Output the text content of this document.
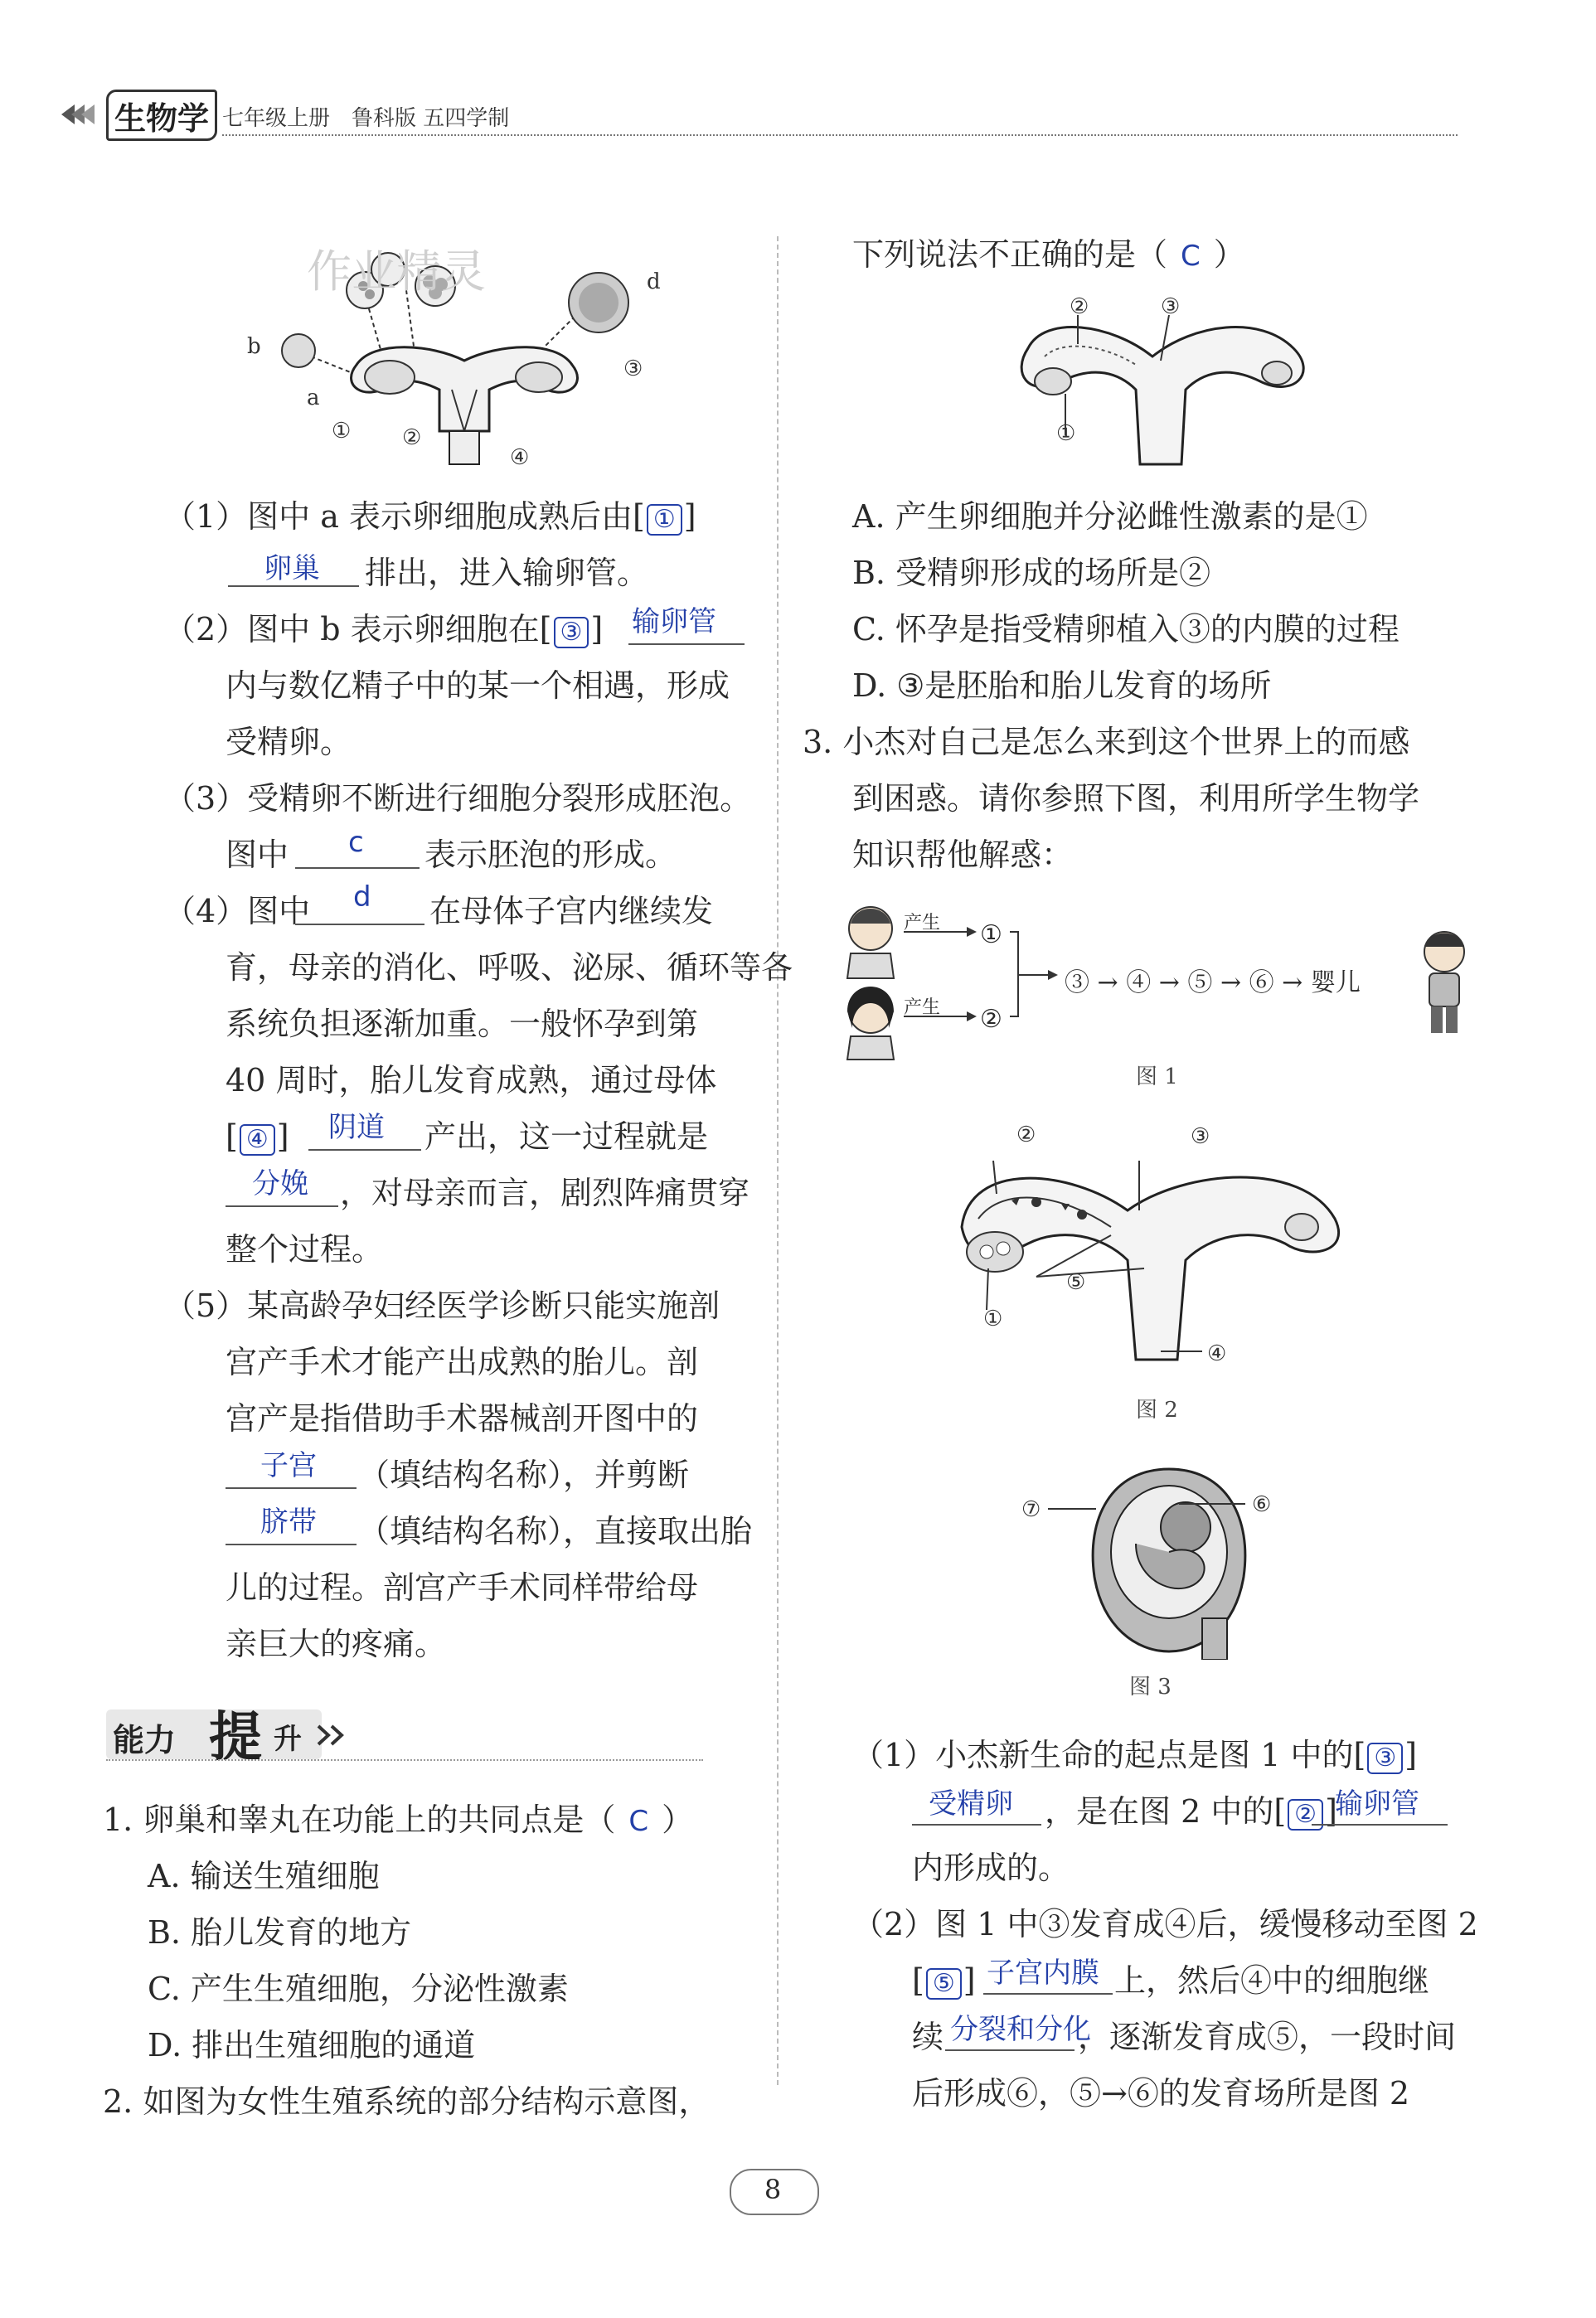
生物学 七年级上册　鲁科版 五四学制
作业精灵
b
a
d
① ②
③
④
（1）图中 a 表示卵细胞成熟后由[ ① ]
卵巢 排出，进入输卵管。
（2）图中 b 表示卵细胞在[ ③ ] 输卵管
内与数亿精子中的某一个相遇，形成
受精卵。
（3）受精卵不断进行细胞分裂形成胚泡。
图中 c 表示胚泡的形成。
（4）图中 d 在母体子宫内继续发
育，母亲的消化、呼吸、泌尿、循环等各
系统负担逐渐加重。一般怀孕到第
40 周时，胎儿发育成熟，通过母体
[ ④ ] 阴道 产出，这一过程就是
分娩 ，对母亲而言，剧烈阵痛贯穿
整个过程。
（5）某高龄孕妇经医学诊断只能实施剖
宫产手术才能产出成熟的胎儿。剖
宫产是指借助手术器械剖开图中的
子宫 （填结构名称），并剪断
脐带 （填结构名称），直接取出胎
儿的过程。剖宫产手术同样带给母
亲巨大的疼痛。
能力 提 升
1. 卵巢和睾丸在功能上的共同点是（ C ）
A. 输送生殖细胞
B. 胎儿发育的地方
C. 产生生殖细胞，分泌性激素
D. 排出生殖细胞的通道
2. 如图为女性生殖系统的部分结构示意图，
下列说法不正确的是（ C ）
②	③
①
A. 产生卵细胞并分泌雌性激素的是①
B. 受精卵形成的场所是②
C. 怀孕是指受精卵植入③的内膜的过程
D. ③是胚胎和胎儿发育的场所
3. 小杰对自己是怎么来到这个世界上的而感
到困惑。请你参照下图，利用所学生物学
知识帮他解惑：
产生
产生
①
②
③ → ④ → ⑤ → ⑥ → 婴儿
图 1
②	③
①
⑤
④
图 2
⑦	⑥
图 3
（1）小杰新生命的起点是图 1 中的[ ③ ]
受精卵 ，是在图 2 中的[ ② ]
输卵管
内形成的。
（2）图 1 中③发育成④后，缓慢移动至图 2
[ ⑤ ] 子宫内膜 上，然后④中的细胞继
续 分裂和分化
，逐渐发育成⑤，一段时间
后形成⑥，⑤→⑥的发育场所是图 2
8
